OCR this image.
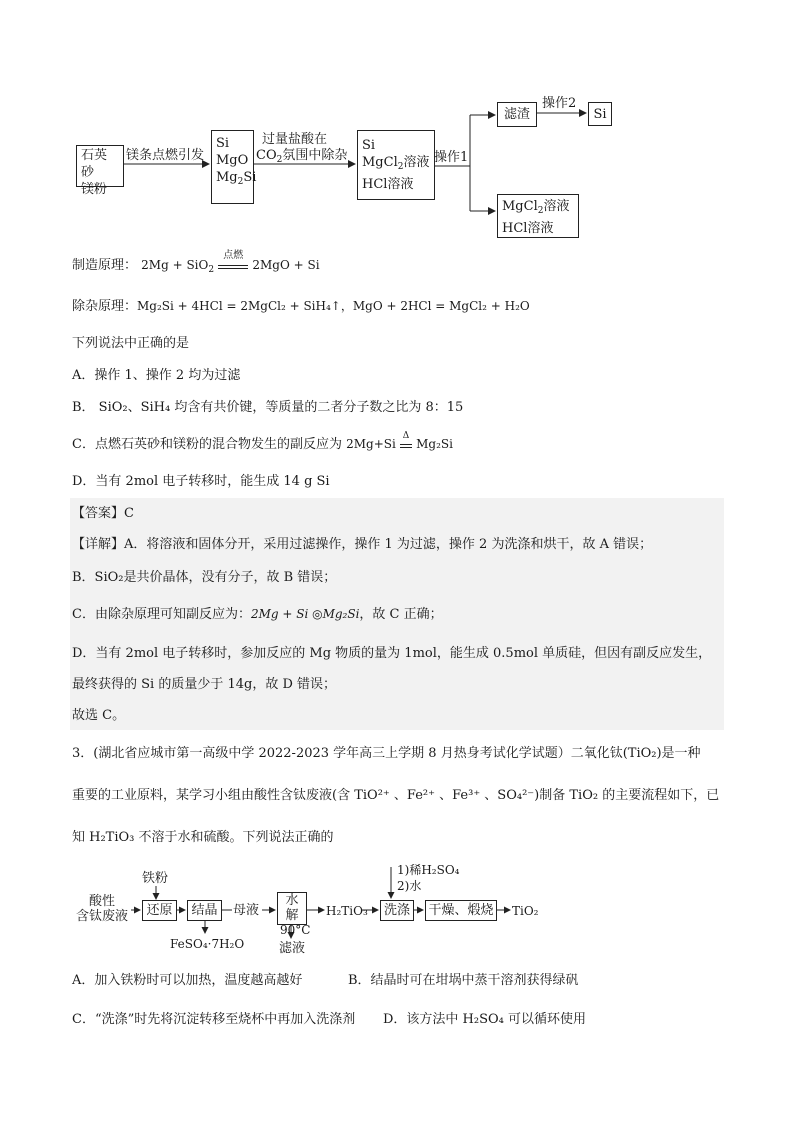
石英砂
镁粉
镁条点燃引发
Si
MgO
$Mg_2Si$
过量盐酸在
$CO_2$氛围中除杂
Si
MgCl$_2$溶液
HCl溶液
操作1
滤渣
操作2
Si
MgCl$_2$溶液
HCl溶液
制造原理： 2Mg + SiO$_2$
点燃
2MgO + Si
除杂原理：Mg₂Si + 4HCl = 2MgCl₂ + SiH₄↑，MgO + 2HCl = MgCl₂ + H₂O
下列说法中正确的是
A．操作 1、操作 2 均为过滤
B． SiO₂、SiH₄ 均含有共价键，等质量的二者分子数之比为 8：15
C．点燃石英砂和镁粉的混合物发生的副反应为 2Mg+Si
Δ
Mg₂Si
D．当有 2mol 电子转移时，能生成 14 g Si
【答案】C
【详解】A．将溶液和固体分开，采用过滤操作，操作 1 为过滤，操作 2 为洗涤和烘干，故 A 错误；
B．SiO₂是共价晶体，没有分子，故 B 错误；
C．由除杂原理可知副反应为：2Mg + Si ◎Mg₂Si，故 C 正确；
D．当有 2mol 电子转移时，参加反应的 Mg 物质的量为 1mol，能生成 0.5mol 单质硅，但因有副反应发生，
最终获得的 Si 的质量少于 14g，故 D 错误；
故选 C。
3．(湖北省应城市第一高级中学 2022-2023 学年高三上学期 8 月热身考试化学试题）二氧化钛(TiO₂)是一种
重要的工业原料，某学习小组由酸性含钛废液(含 TiO²⁺ 、Fe²⁺ 、Fe³⁺ 、SO₄²⁻)制备 TiO₂ 的主要流程如下，已
知 H₂TiO₃ 不溶于水和硫酸。下列说法正确的
酸性
含钛废液
铁粉
还原	结晶
FeSO₄·7H₂O
母液
水解
90°C
滤液
H₂TiO₃
1)稀H₂SO₄
2)水
洗涤	干燥、煅烧 TiO₂
A．加入铁粉时可以加热，温度越高越好	B．结晶时可在坩埚中蒸干溶剂获得绿矾
C．“洗涤”时先将沉淀转移至烧杯中再加入洗涤剂 D．该方法中 H₂SO₄ 可以循环使用
